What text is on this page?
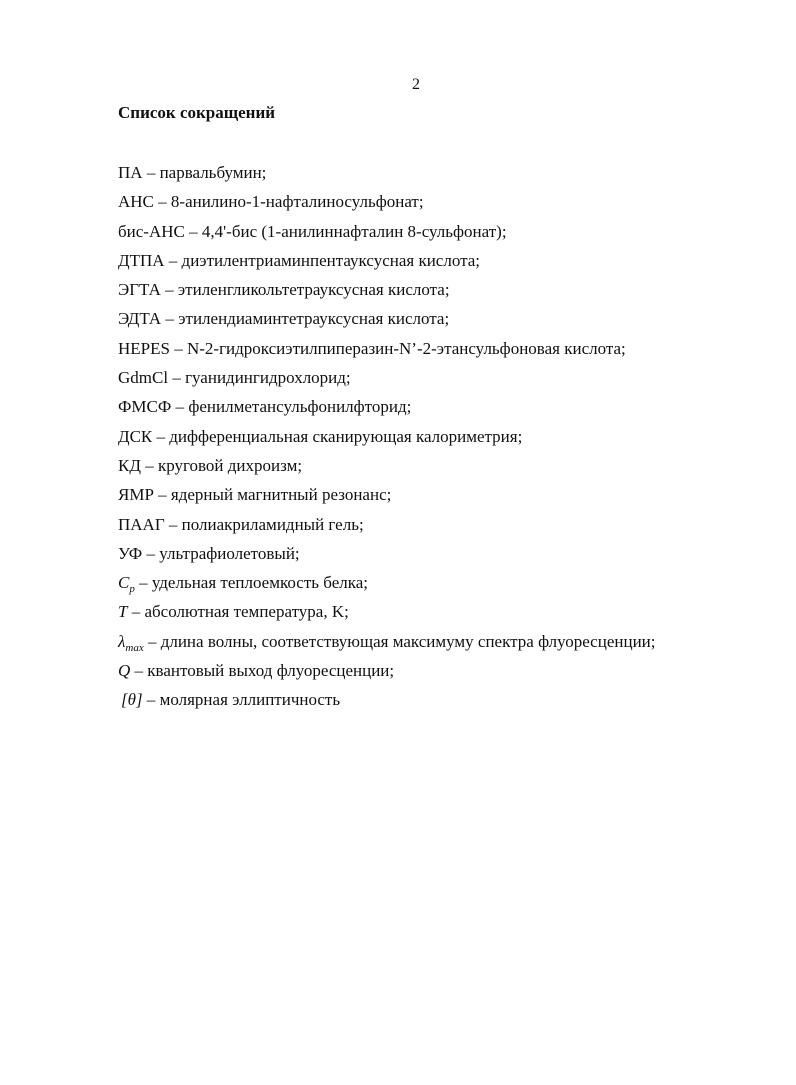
2
Список сокращений
ПА – парвальбумин;
АНС – 8-анилино-1-нафталиносульфонат;
бис-АНС – 4,4'-бис (1-анилиннафталин 8-сульфонат);
ДТПА – диэтилентриаминпентауксусная кислота;
ЭГТА – этиленгликольтетрауксусная кислота;
ЭДТА – этилендиаминтетрауксусная кислота;
HEPES – N-2-гидроксиэтилпиперазин-N’-2-этансульфоновая кислота;
GdmCl – гуанидингидрохлорид;
ФМСФ – фенилметансульфонилфторид;
ДСК – дифференциальная сканирующая калориметрия;
КД – круговой дихроизм;
ЯМР – ядерный магнитный резонанс;
ПААГ – полиакриламидный гель;
УФ – ультрафиолетовый;
$C_p$ – удельная теплоемкость белка;
T – абсолютная температура, K;
$\lambda_{max}$ – длина волны, соответствующая максимуму спектра флуоресценции;
Q – квантовый выход флуоресценции;
[θ] – молярная эллиптичность
